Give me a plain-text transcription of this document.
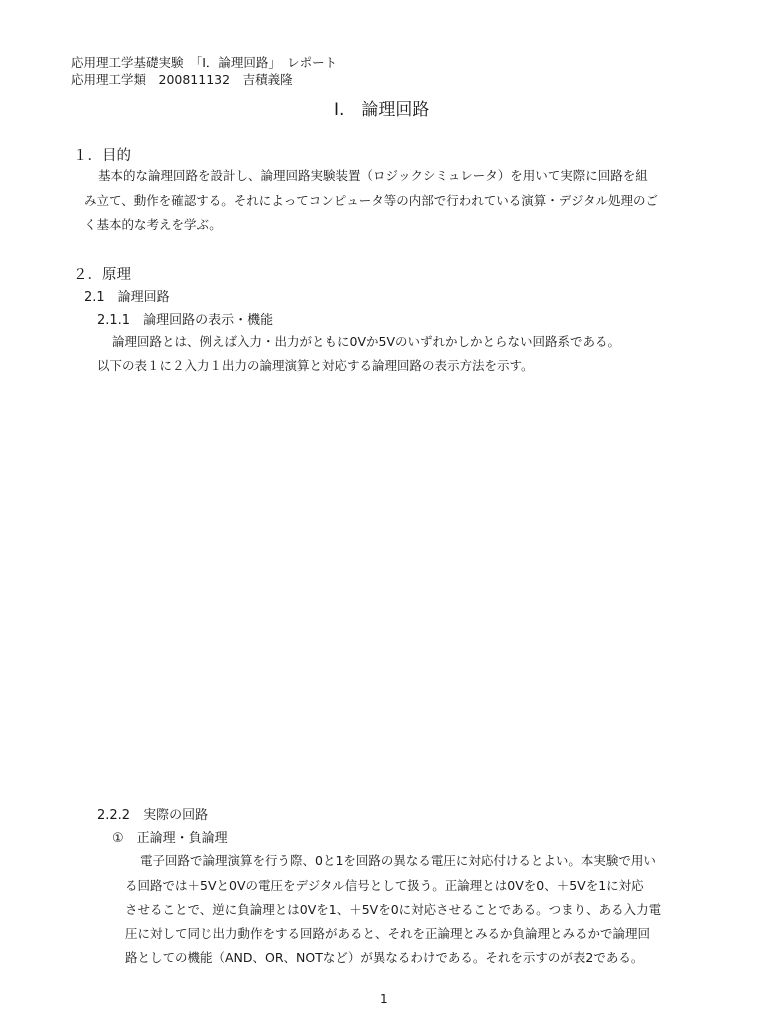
応用理工学基礎実験　「I．論理回路」　レポート
応用理工学類　200811132　吉積義隆
I.　論理回路
１．目的
基本的な論理回路を設計し、論理回路実験装置（ロジックシミュレータ）を用いて実際に回路を組
み立て、動作を確認する。それによってコンピュータ等の内部で行われている演算・デジタル処理のご
く基本的な考えを学ぶ。
２．原理
2.1　論理回路
2.1.1　論理回路の表示・機能
論理回路とは、例えば入力・出力がともに0Vか5Vのいずれかしかとらない回路系である。
以下の表１に２入力１出力の論理演算と対応する論理回路の表示方法を示す。
2.2.2　実際の回路
①　正論理・負論理
電子回路で論理演算を行う際、0と1を回路の異なる電圧に対応付けるとよい。本実験で用い
る回路では＋5Vと0Vの電圧をデジタル信号として扱う。正論理とは0Vを0、＋5Vを1に対応
させることで、逆に負論理とは0Vを1、＋5Vを0に対応させることである。つまり、ある入力電
圧に対して同じ出力動作をする回路があると、それを正論理とみるか負論理とみるかで論理回
路としての機能（AND、OR、NOTなど）が異なるわけである。それを示すのが表2である。
1
